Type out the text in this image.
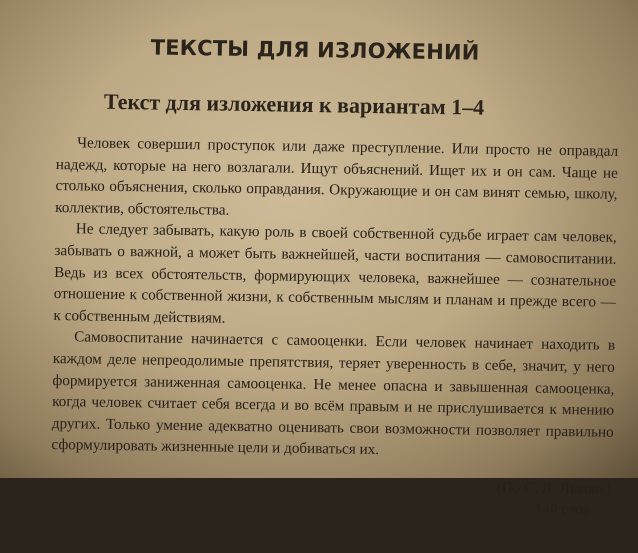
ТЕКСТЫ ДЛЯ ИЗЛОЖЕНИЙ
Текст для изложения к вариантам 1–4

Человек совершил проступок или даже преступление. Или просто не оправдал надежд, которые на него возлагали. Ищут объяснений. Ищет их и он сам. Чаще не столько объяснения, сколько оправдания. Окружающие и он сам винят семью, школу, коллектив, обстоятельства.

Не следует забывать, какую роль в своей собственной судьбе играет сам человек, забывать о важной, а может быть важнейшей, части воспитания — самовоспитании. Ведь из всех обстоятельств, формирующих человека, важнейшее — сознательное отношение к собственной жизни, к собственным мыслям и планам и прежде всего — к собственным действиям.

Самовоспитание начинается с самооценки. Если человек начинает находить в каждом деле непреодолимые препятствия, теряет уверенность в себе, значит, у него формируется заниженная самооценка. Не менее опасна и завышенная самооценка, когда человек считает себя всегда и во всём правым и не прислушивается к мнению других. Только умение адекватно оценивать свои возможности позволяет правильно сформулировать жизненные цели и добиваться их.

(По С. Л. Львову)
140 слов
Текст для изложения к вариантам 5–8
